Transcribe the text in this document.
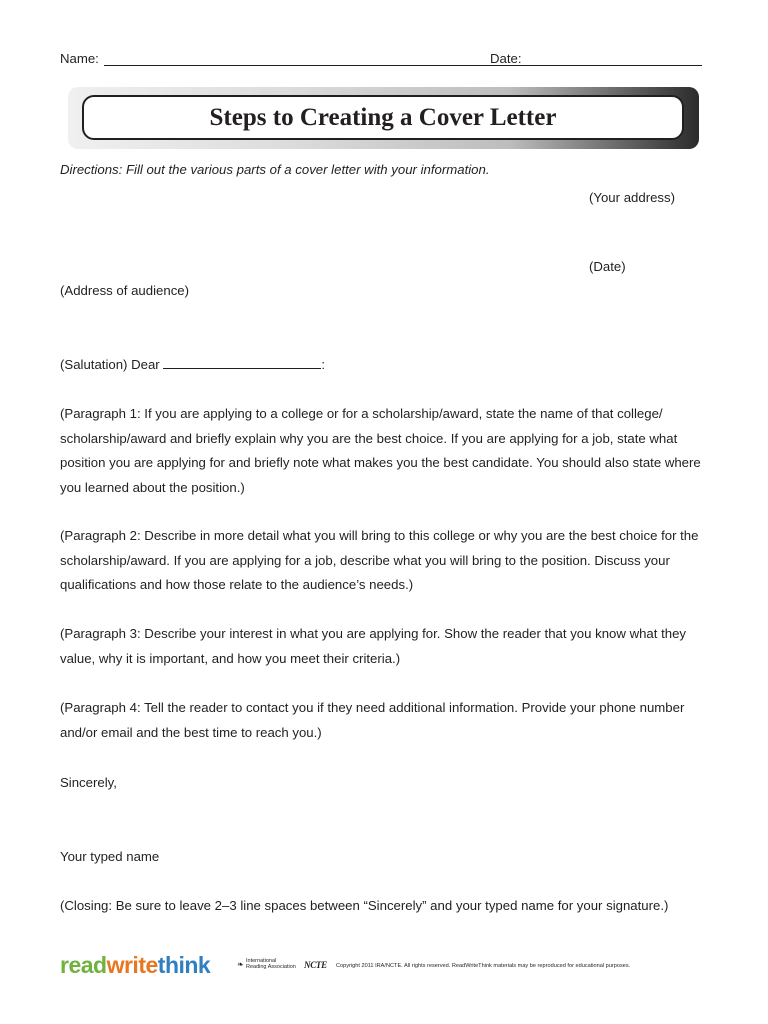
Name:	Date:
Steps to Creating a Cover Letter
Directions: Fill out the various parts of a cover letter with your information.
(Your address)
(Date)
(Address of audience)
(Salutation) Dear	:
(Paragraph 1: If you are applying to a college or for a scholarship/award, state the name of that college/ scholarship/award and briefly explain why you are the best choice. If you are applying for a job, state what position you are applying for and briefly note what makes you the best candidate. You should also state where you learned about the position.)
(Paragraph 2: Describe in more detail what you will bring to this college or why you are the best choice for the scholarship/award. If you are applying for a job, describe what you will bring to the position. Discuss your qualifications and how those relate to the audience’s needs.)
(Paragraph 3: Describe your interest in what you are applying for. Show the reader that you know what they value, why it is important, and how you meet their criteria.)
(Paragraph 4: Tell the reader to contact you if they need additional information. Provide your phone number and/or email and the best time to reach you.)
Sincerely,
Your typed name
(Closing: Be sure to leave 2–3 line spaces between “Sincerely” and your typed name for your signature.)
readwritethink	❧ International
Reading Association NCTE Copyright 2011 IRA/NCTE. All rights reserved. ReadWriteThink materials may be reproduced for educational purposes.
